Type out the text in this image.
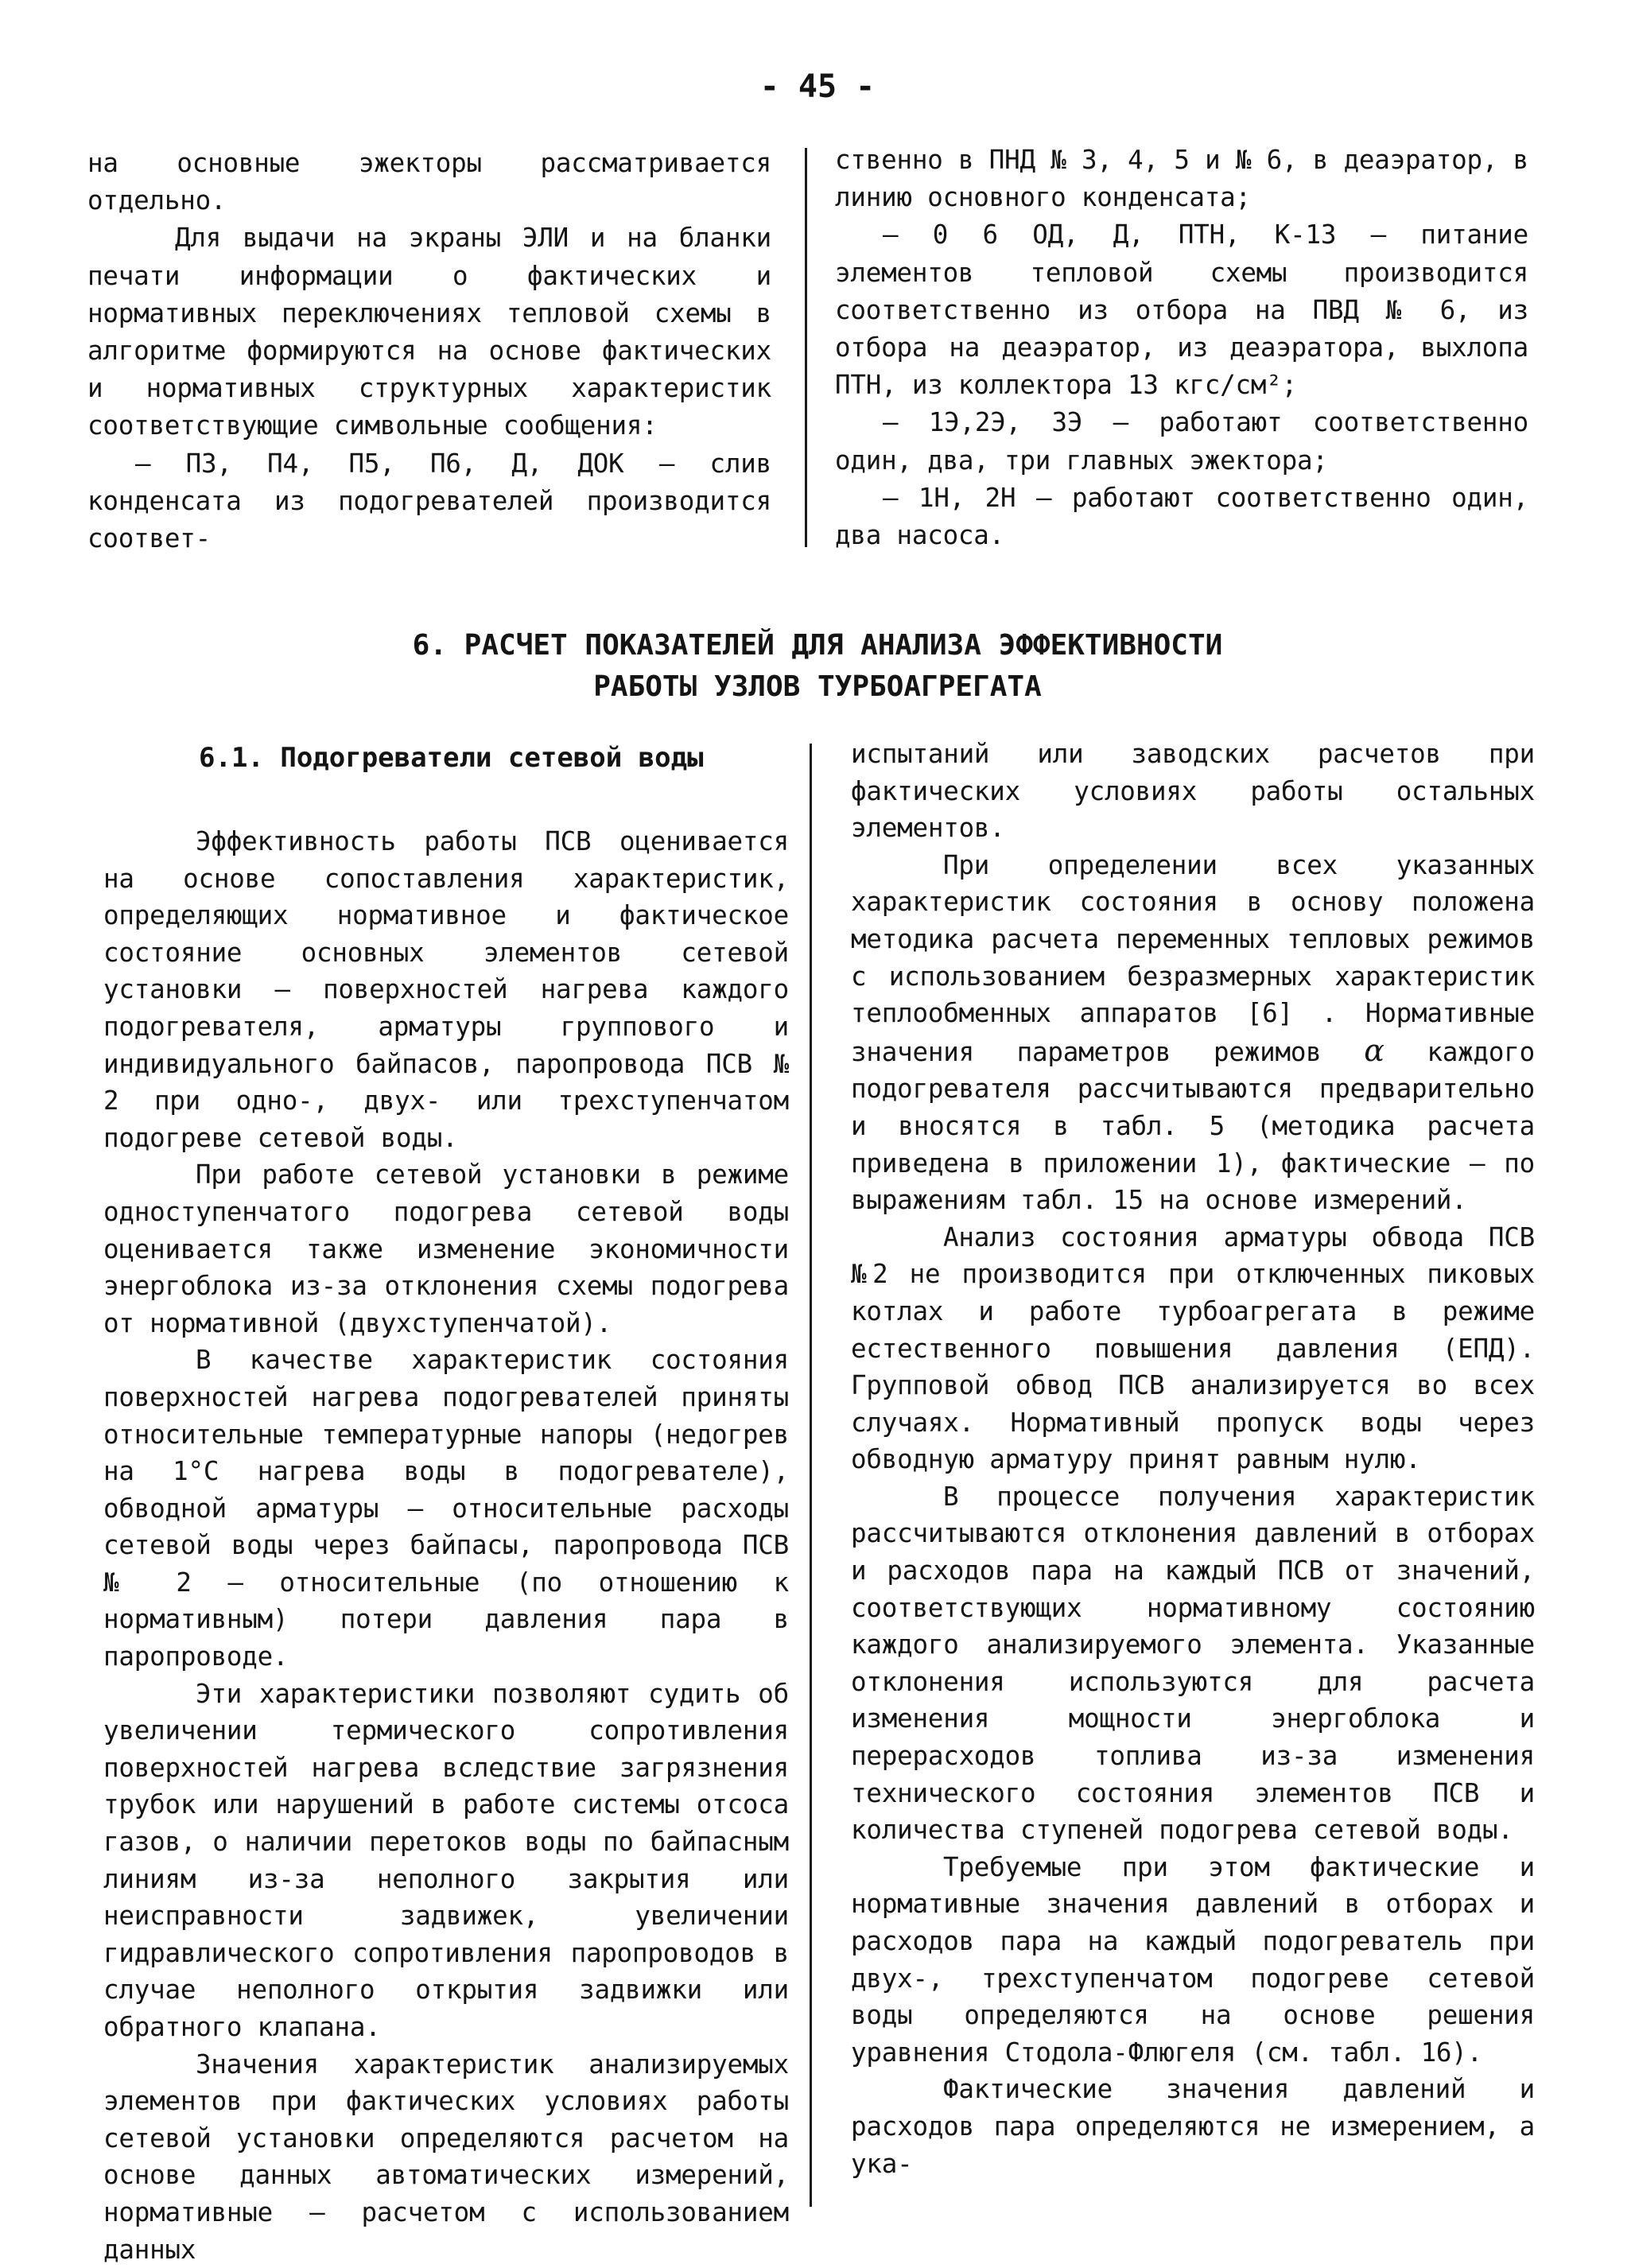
- 45 -

на основные эжекторы рассматривается отдельно.

Для выдачи на экраны ЭЛИ и на бланки печати информации о фактических и нормативных переключениях тепловой схемы в алгоритме формируются на основе фактических и нормативных структурных характеристик соответствующие символьные сообщения:

– П3, П4, П5, П6, Д, ДОК – слив конденсата из подогревателей производится соответ-

ственно в ПНД № 3, 4, 5 и № 6, в деаэратор, в линию основного конденсата;

– 0 6 ОД, Д, ПТН, К-13 – питание элементов тепловой схемы производится соответственно из отбора на ПВД № 6, из отбора на деаэратор, из деаэратора, выхлопа ПТН, из коллектора 13 кгс/см²;

– 1Э,2Э, 3Э – работают соответственно один, два, три главных эжектора;

– 1Н, 2Н – работают соответственно один, два насоса.

6. РАСЧЕТ ПОКАЗАТЕЛЕЙ ДЛЯ АНАЛИЗА ЭФФЕКТИВНОСТИ
РАБОТЫ УЗЛОВ ТУРБОАГРЕГАТА
6.1. Подогреватели сетевой воды

Эффективность работы ПСВ оценивается на основе сопоставления характеристик, определяющих нормативное и фактическое состояние основных элементов сетевой установки – поверхностей нагрева каждого подогревателя, арматуры группового и индивидуального байпасов, паропровода ПСВ № 2 при одно-, двух- или трехступенчатом подогреве сетевой воды.

При работе сетевой установки в режиме одноступенчатого подогрева сетевой воды оценивается также изменение экономичности энергоблока из-за отклонения схемы подогрева от нормативной (двухступенчатой).

В качестве характеристик состояния поверхностей нагрева подогревателей приняты относительные температурные напоры (недогрев на 1°С нагрева воды в подогревателе), обводной арматуры – относительные расходы сетевой воды через байпасы, паропровода ПСВ № 2 – относительные (по отношению к нормативным) потери давления пара в паропроводе.

Эти характеристики позволяют судить об увеличении термического сопротивления поверхностей нагрева вследствие загрязнения трубок или нарушений в работе системы отсоса газов, о наличии перетоков воды по байпасным линиям из-за неполного закрытия или неисправности задвижек, увеличении гидравлического сопротивления паропроводов в случае неполного открытия задвижки или обратного клапана.

Значения характеристик анализируемых элементов при фактических условиях работы сетевой установки определяются расчетом на основе данных автоматических измерений, нормативные – расчетом с использованием данных

испытаний или заводских расчетов при фактических условиях работы остальных элементов.

При определении всех указанных характеристик состояния в основу положена методика расчета переменных тепловых режимов с использованием безразмерных характеристик теплообменных аппаратов [6] . Нормативные значения параметров режимов α каждого подогревателя рассчитываются предварительно и вносятся в табл. 5 (методика расчета приведена в приложении 1), фактические – по выражениям табл. 15 на основе измерений.

Анализ состояния арматуры обвода ПСВ №2 не производится при отключенных пиковых котлах и работе турбоагрегата в режиме естественного повышения давления (ЕПД). Групповой обвод ПСВ анализируется во всех случаях. Нормативный пропуск воды через обводную арматуру принят равным нулю.

В процессе получения характеристик рассчитываются отклонения давлений в отборах и расходов пара на каждый ПСВ от значений, соответствующих нормативному состоянию каждого анализируемого элемента. Указанные отклонения используются для расчета изменения мощности энергоблока и перерасходов топлива из-за изменения технического состояния элементов ПСВ и количества ступеней подогрева сетевой воды.

Требуемые при этом фактические и нормативные значения давлений в отборах и расходов пара на каждый подогреватель при двух-, трехступенчатом подогреве сетевой воды определяются на основе решения уравнения Стодола-Флюгеля (см. табл. 16).

Фактические значения давлений и расходов пара определяются не измерением, а ука-
